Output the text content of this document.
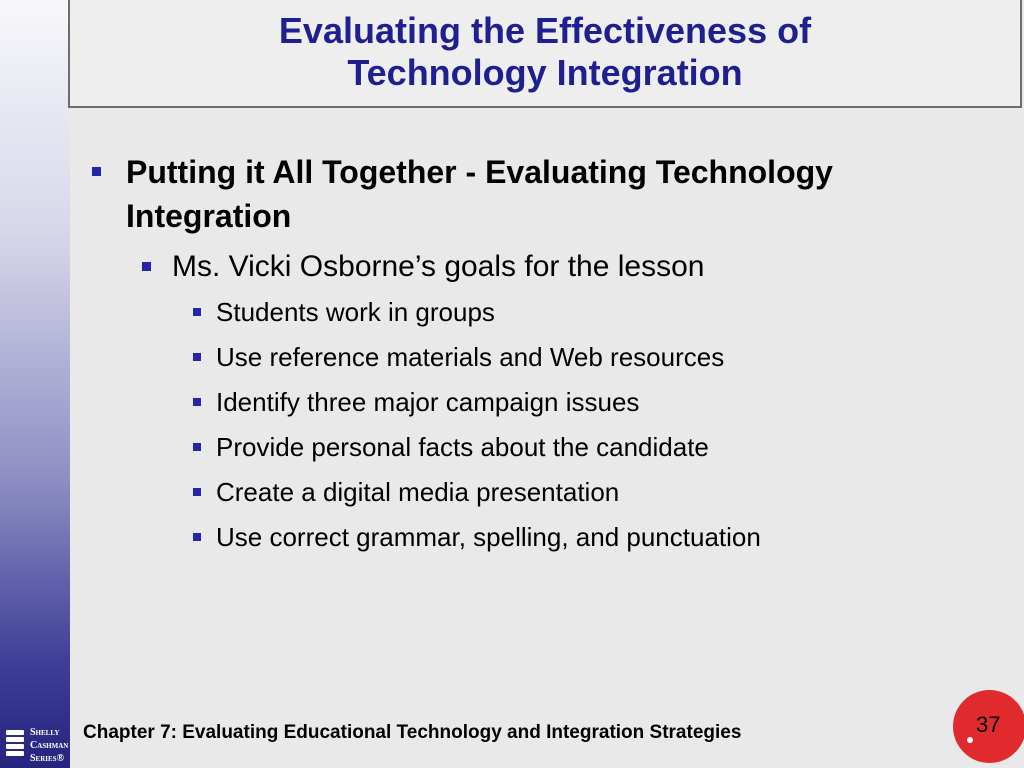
Evaluating the Effectiveness of
Technology Integration
Putting it All Together - Evaluating Technology Integration
Ms. Vicki Osborne’s goals for the lesson
Students work in groups
Use reference materials and Web resources
Identify three major campaign issues
Provide personal facts about the candidate
Create a digital media presentation
Use correct grammar, spelling, and punctuation
Shelly
Cashman
Series®
Chapter 7: Evaluating Educational Technology and Integration Strategies	37
